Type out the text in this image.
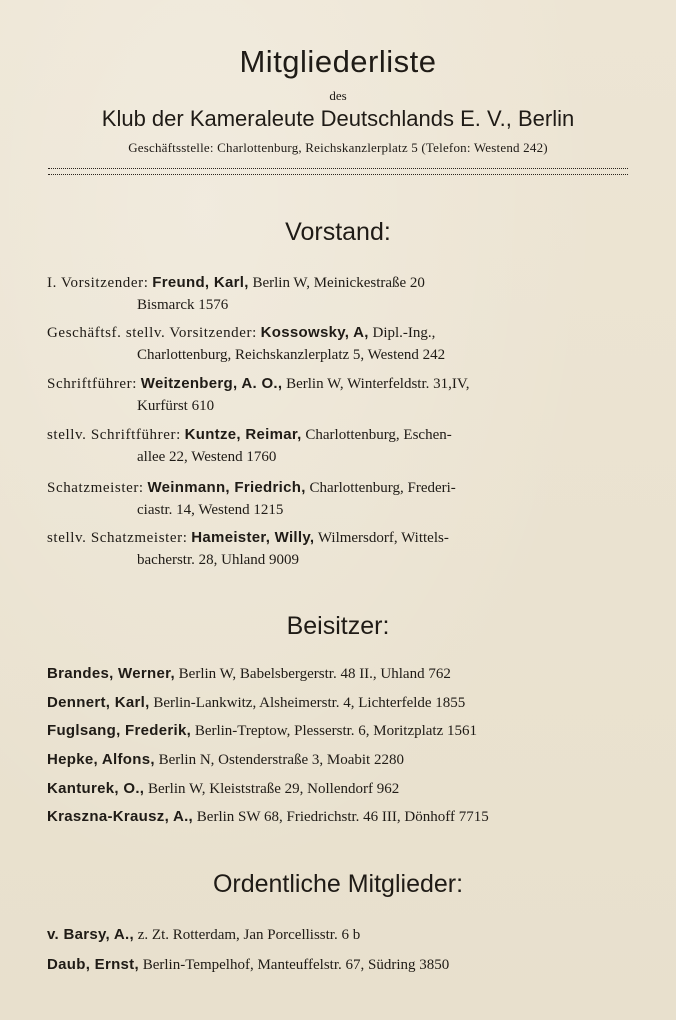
Mitgliederliste
des
Klub der Kameraleute Deutschlands E. V., Berlin
Geschäftsstelle: Charlottenburg, Reichskanzlerplatz 5 (Telefon: Westend 242)
Vorstand:
I. Vorsitzender: Freund, Karl, Berlin W, Meinickestraße 20
Bismarck 1576
Geschäftsf. stellv. Vorsitzender: Kossowsky, A, Dipl.-Ing.,
Charlottenburg, Reichskanzlerplatz 5, Westend 242
Schriftführer: Weitzenberg, A. O., Berlin W, Winterfeldstr. 31,IV,
Kurfürst 610
stellv. Schriftführer: Kuntze, Reimar, Charlottenburg, Eschen-
allee 22, Westend 1760
Schatzmeister: Weinmann, Friedrich, Charlottenburg, Frederi-
ciastr. 14, Westend 1215
stellv. Schatzmeister: Hameister, Willy, Wilmersdorf, Wittels-
bacherstr. 28, Uhland 9009
Beisitzer:
Brandes, Werner, Berlin W, Babelsbergerstr. 48 II., Uhland 762
Dennert, Karl, Berlin-Lankwitz, Alsheimerstr. 4, Lichterfelde 1855
Fuglsang, Frederik, Berlin-Treptow, Plesserstr. 6, Moritzplatz 1561
Hepke, Alfons, Berlin N, Ostenderstraße 3, Moabit 2280
Kanturek, O., Berlin W, Kleiststraße 29, Nollendorf 962
Kraszna-Krausz, A., Berlin SW 68, Friedrichstr. 46 III, Dönhoff 7715
Ordentliche Mitglieder:
v. Barsy, A., z. Zt. Rotterdam, Jan Porcellisstr. 6 b
Daub, Ernst, Berlin-Tempelhof, Manteuffelstr. 67, Südring 3850
